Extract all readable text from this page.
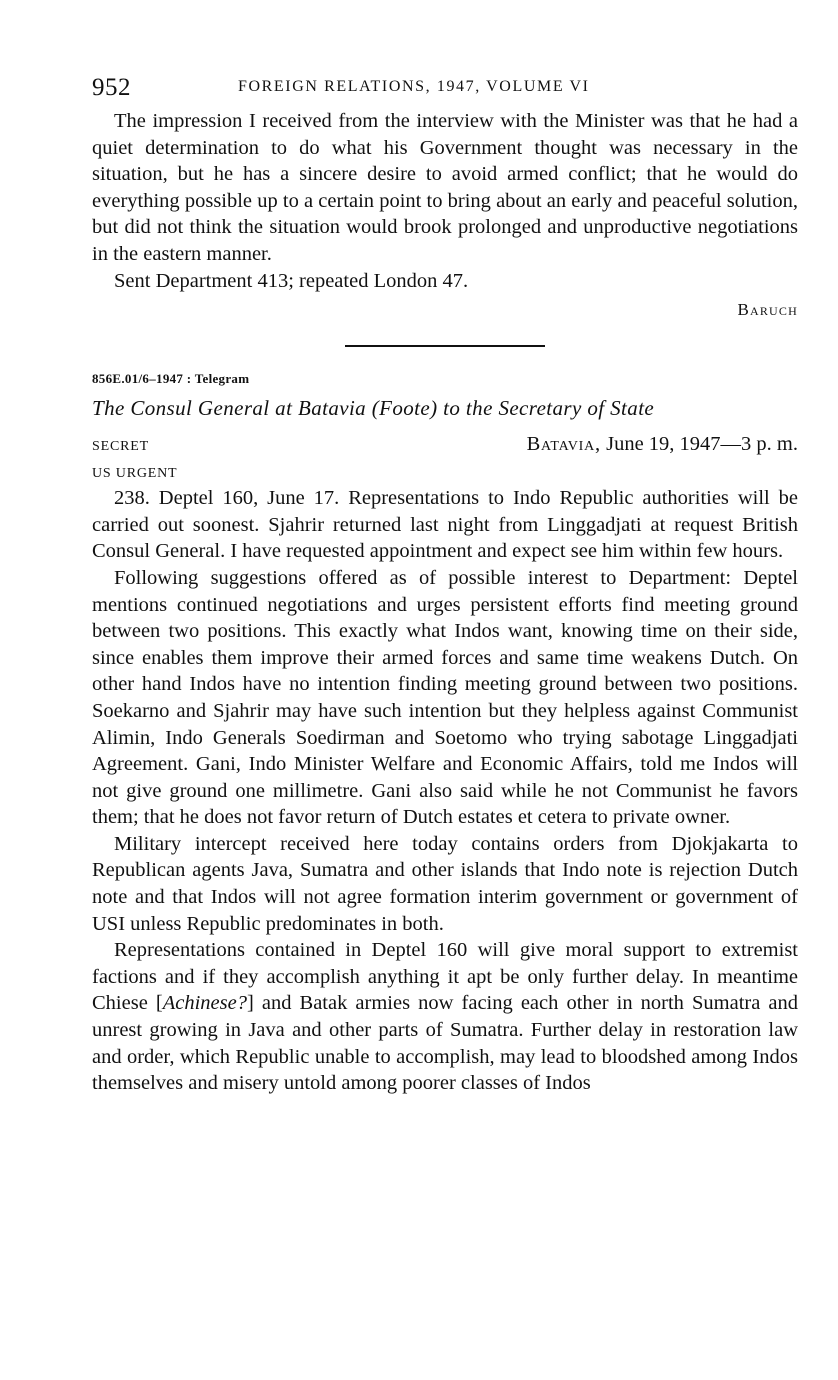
952	FOREIGN RELATIONS, 1947, VOLUME VI

The impression I received from the interview with the Minister was that he had a quiet determination to do what his Government thought was necessary in the situation, but he has a sincere desire to avoid armed conflict; that he would do everything possible up to a certain point to bring about an early and peaceful solution, but did not think the situation would brook prolonged and unproductive negotiations in the eastern manner.

Sent Department 413; repeated London 47.

Baruch
856E.01/6–1947 : Telegram
The Consul General at Batavia (Foote) to the Secretary of State
SECRET	Batavia, June 19, 1947—3 p. m.
US URGENT

238. Deptel 160, June 17. Representations to Indo Republic authorities will be carried out soonest. Sjahrir returned last night from Linggadjati at request British Consul General. I have requested appointment and expect see him within few hours.

Following suggestions offered as of possible interest to Department: Deptel mentions continued negotiations and urges persistent efforts find meeting ground between two positions. This exactly what Indos want, knowing time on their side, since enables them improve their armed forces and same time weakens Dutch. On other hand Indos have no intention finding meeting ground between two positions. Soekarno and Sjahrir may have such intention but they helpless against Communist Alimin, Indo Generals Soedirman and Soetomo who trying sabotage Linggadjati Agreement. Gani, Indo Minister Welfare and Economic Affairs, told me Indos will not give ground one millimetre. Gani also said while he not Communist he favors them; that he does not favor return of Dutch estates et cetera to private owner.

Military intercept received here today contains orders from Djokjakarta to Republican agents Java, Sumatra and other islands that Indo note is rejection Dutch note and that Indos will not agree formation interim government or government of USI unless Republic predominates in both.

Representations contained in Deptel 160 will give moral support to extremist factions and if they accomplish anything it apt be only further delay. In meantime Chiese [Achinese?] and Batak armies now facing each other in north Sumatra and unrest growing in Java and other parts of Sumatra. Further delay in restoration law and order, which Republic unable to accomplish, may lead to bloodshed among Indos themselves and misery untold among poorer classes of Indos
